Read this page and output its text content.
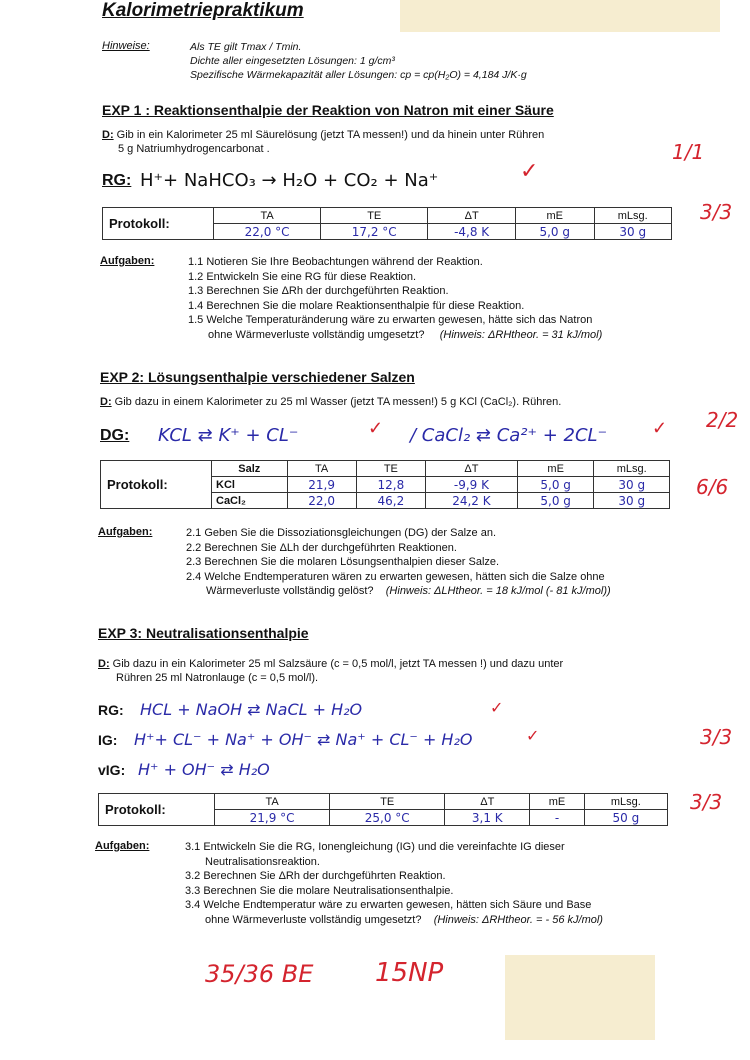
Kalorimetriepraktikum
Hinweise:	Als TE gilt Tmax / Tmin.
Dichte aller eingesetzten Lösungen: 1 g/cm³
Spezifische Wärmekapazität aller Lösungen: cp = cp(H₂O) = 4,184 J/K·g
EXP 1 : Reaktionsenthalpie der Reaktion von Natron mit einer Säure
D: Gib in ein Kalorimeter 25 ml Säurelösung (jetzt TA messen!) und da hinein unter Rühren
5 g Natriumhydrogencarbonat .
RG: H⁺+ NaHCO₃ → H₂O + CO₂ + Na⁺	✓
1/1
3/3
Protokoll:	TA	TE	ΔT	mE	mLsg.
	22,0 °C	17,2 °C	-4,8 K	5,0 g	30 g
Aufgaben:	1.1 Notieren Sie Ihre Beobachtungen während der Reaktion.
1.2 Entwickeln Sie eine RG für diese Reaktion.
1.3 Berechnen Sie ΔRh der durchgeführten Reaktion.
1.4 Berechnen Sie die molare Reaktionsenthalpie für diese Reaktion.
1.5 Welche Temperaturänderung wäre zu erwarten gewesen, hätte sich das Natron
ohne Wärmeverluste vollständig umgesetzt? (Hinweis: ΔRHtheor. = 31 kJ/mol)
EXP 2: Lösungsenthalpie verschiedener Salzen
D: Gib dazu in einem Kalorimeter zu 25 ml Wasser (jetzt TA messen!) 5 g KCl (CaCl₂). Rühren.
DG: KCL ⇄ K⁺ + CL⁻	✓ / CaCl₂ ⇄ Ca²⁺ + 2CL⁻ ✓ 2/2
6/6
Protokoll:	Salz	TA	TE	ΔT	mE	mLsg.
	KCl	21,9	12,8	-9,9 K	5,0 g	30 g
	CaCl₂	22,0	46,2	24,2 K	5,0 g	30 g
Aufgaben:	2.1 Geben Sie die Dissoziationsgleichungen (DG) der Salze an.
2.2 Berechnen Sie ΔLh der durchgeführten Reaktionen.
2.3 Berechnen Sie die molaren Lösungsenthalpien dieser Salze.
2.4 Welche Endtemperaturen wären zu erwarten gewesen, hätten sich die Salze ohne
Wärmeverluste vollständig gelöst? (Hinweis: ΔLHtheor. = 18 kJ/mol (- 81 kJ/mol))
EXP 3: Neutralisationsenthalpie
D: Gib dazu in ein Kalorimeter 25 ml Salzsäure (c = 0,5 mol/l, jetzt TA messen !) und dazu unter
Rühren 25 ml Natronlauge (c = 0,5 mol/l).
RG: HCL + NaOH ⇄ NaCL + H₂O	✓
IG: H⁺+ CL⁻ + Na⁺ + OH⁻ ⇄ Na⁺ + CL⁻ + H₂O	✓
vIG: H⁺ + OH⁻ ⇄ H₂O
3/3
3/3
Protokoll:	TA	TE	ΔT	mE	mLsg.
	21,9 °C	25,0 °C	3,1 K	-	50 g
Aufgaben:	3.1 Entwickeln Sie die RG, Ionengleichung (IG) und die vereinfachte IG dieser
Neutralisationsreaktion.
3.2 Berechnen Sie ΔRh der durchgeführten Reaktion.
3.3 Berechnen Sie die molare Neutralisationsenthalpie.
3.4 Welche Endtemperatur wäre zu erwarten gewesen, hätten sich Säure und Base
ohne Wärmeverluste vollständig umgesetzt? (Hinweis: ΔRHtheor. = - 56 kJ/mol)
35/36 BE 15NP
